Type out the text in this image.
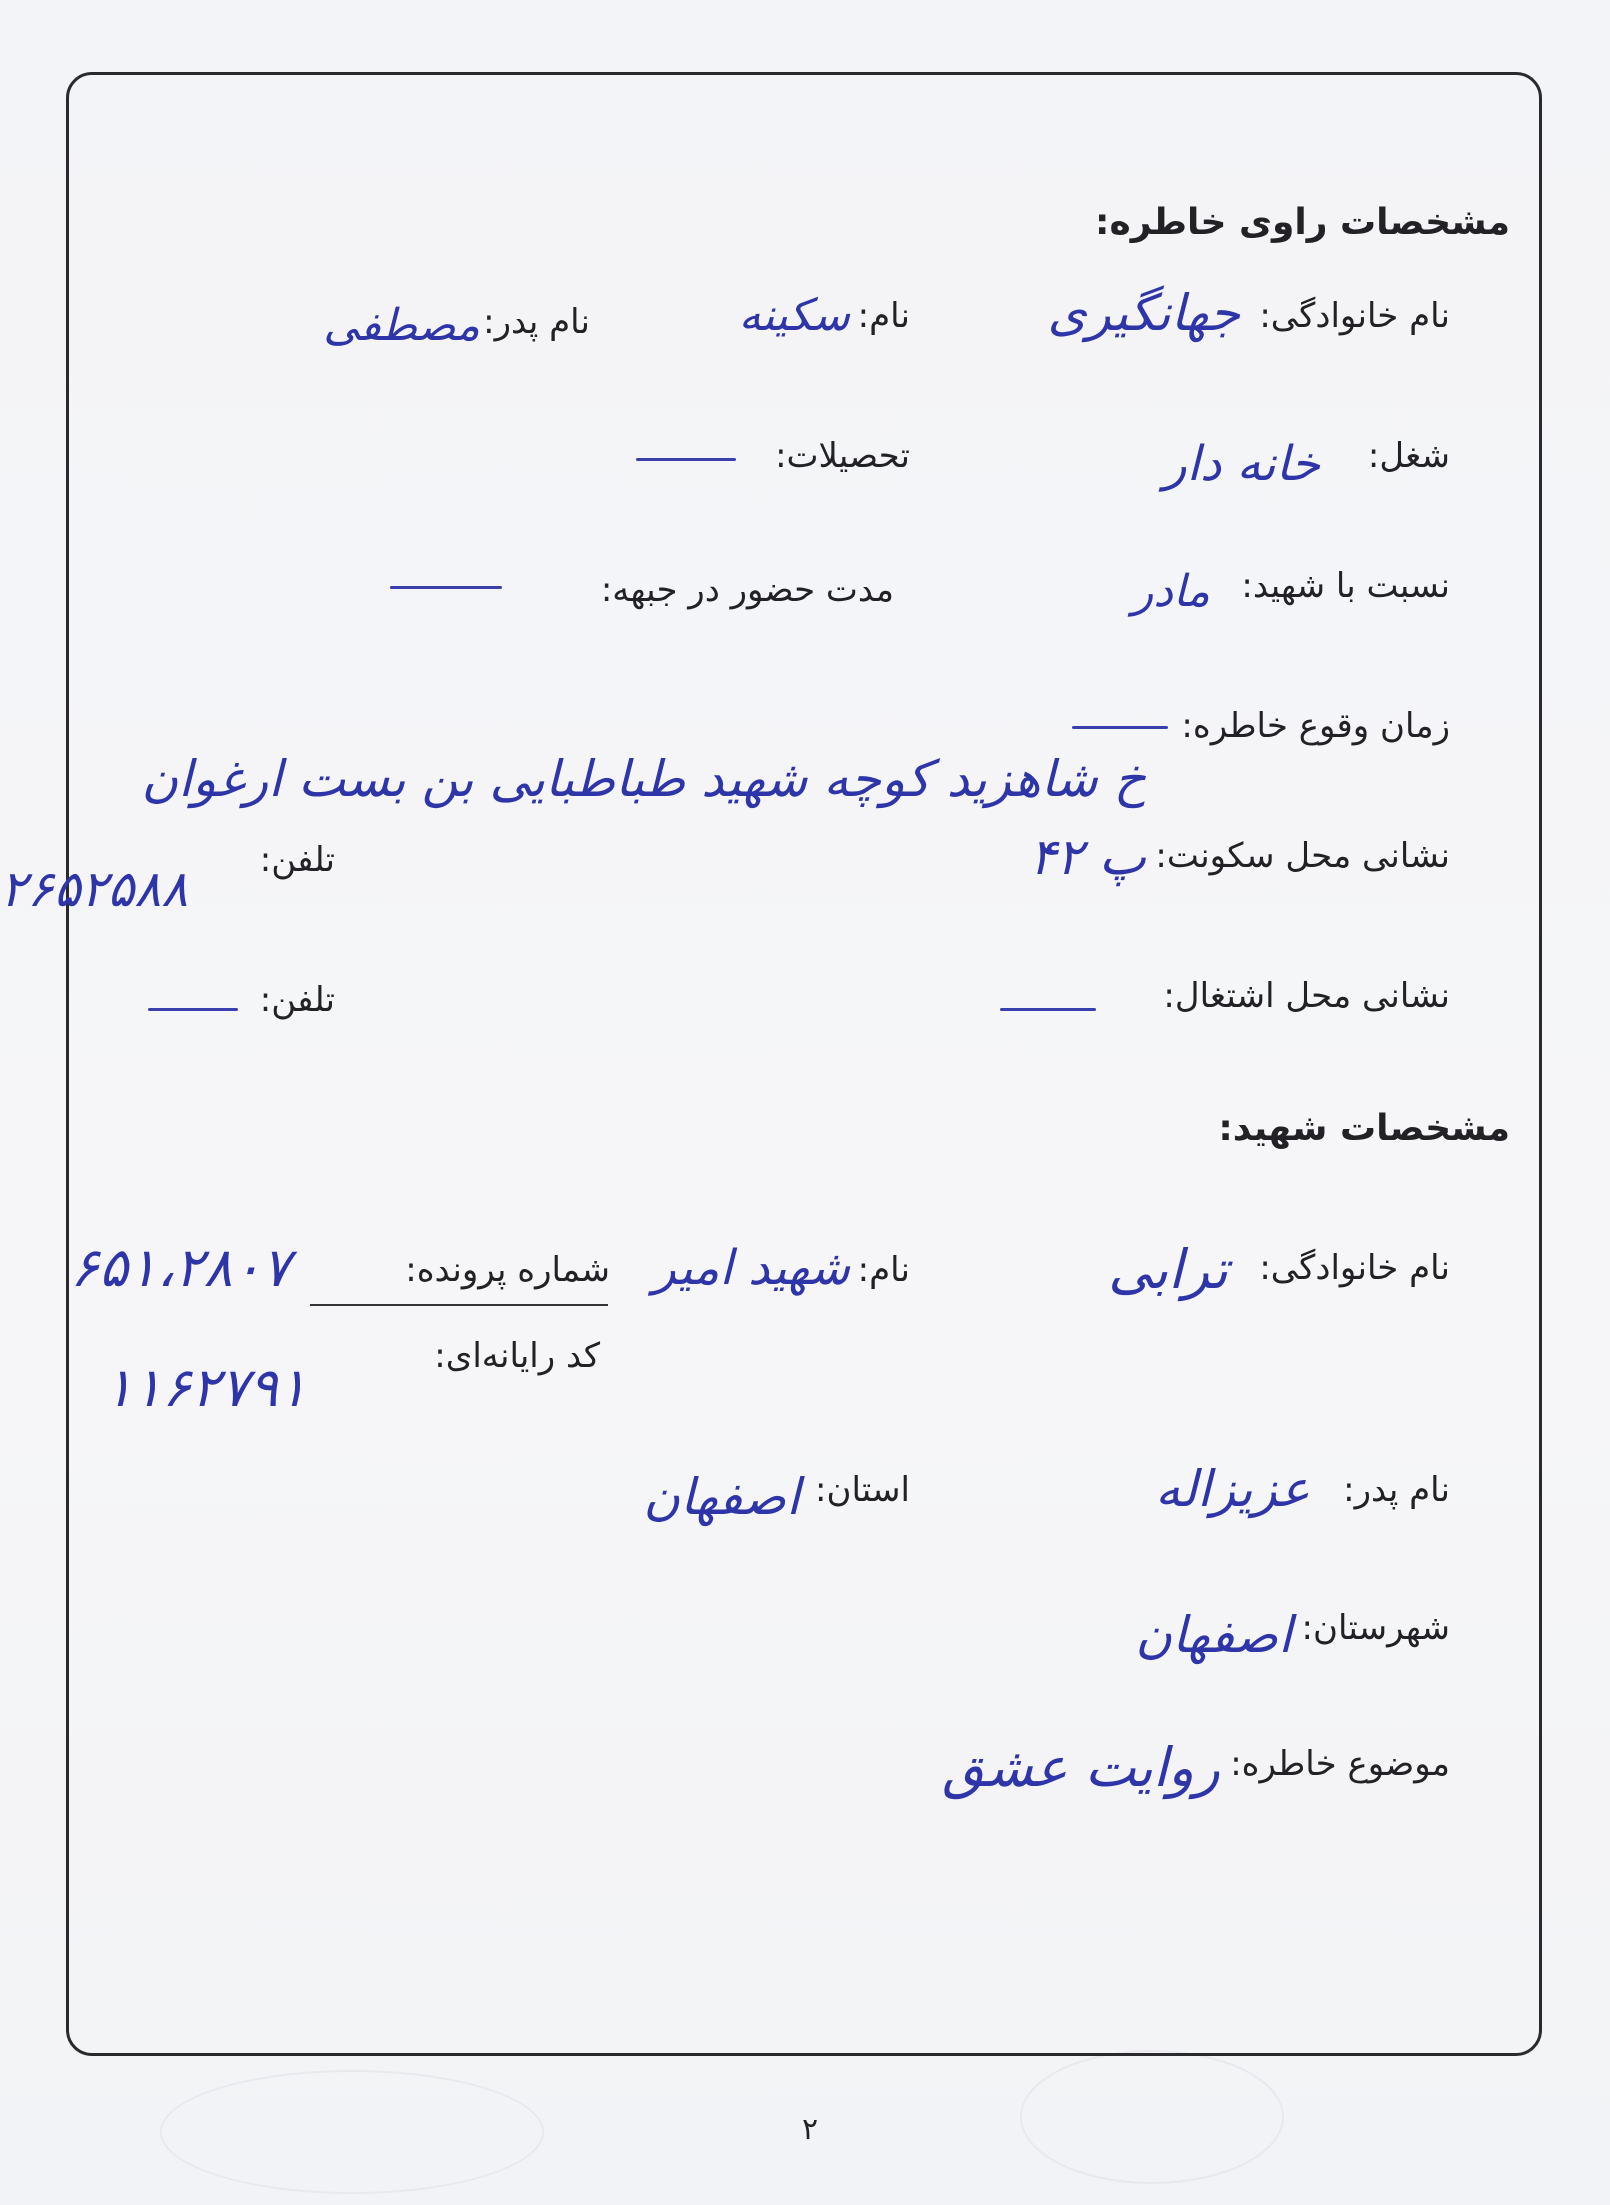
مشخصات راوی خاطره:
نام خانوادگی:
جهانگیری
نام:
سکینه
نام پدر:
مصطفی
شغل:
خانه دار
تحصیلات:
نسبت با شهید:
مادر
مدت حضور در جبهه:
زمان وقوع خاطره:
نشانی محل سکونت:
خ شاهزید کوچه شهید طباطبایی بن بست ارغوان پ ۴۲
تلفن:
۲۶۵۲۵۸۸
نشانی محل اشتغال:
تلفن:
مشخصات شهید:
نام خانوادگی:
ترابی
نام:
شهید امیر
شماره پرونده:
۶۵۱،۲۸۰۷
کد رایانه‌ای:
۱۱۶۲۷۹۱
نام پدر:
عزیزاله
استان:
اصفهان
شهرستان:
اصفهان
موضوع خاطره:
روایت عشق
۲
